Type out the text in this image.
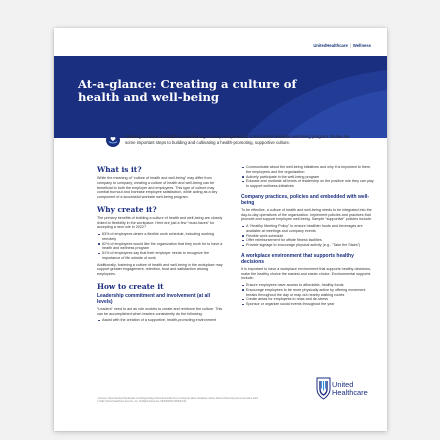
UnitedHealthcare | Wellness
At-a-glance: Creating a culture of health and well-being

Creating a culture of health and well-being is a key component of a successful worksite well-being program. Below are some important steps to building and cultivating a health-promoting, supportive culture.

What is it?

While the meaning of “culture of health and well-being” may differ from company to company, creating a culture of health and well-being can be beneficial to both the employer and employees. This type of culture may combat burnout and increase employee satisfaction, while acting as a key component of a successful worksite well-being program.

Why create it?

The primary benefits of building a culture of health and well-being are closely linked to flexibility in the workplace. Here are just a few “must-haves” for accepting a new role in 2022:¹

63% of employees desire a flexible work schedule, including working remotely
62% of employees would like the organization that they work for to have a health and wellness program
51% of employees say that their employer needs to recognize the importance of life outside of work

Additionally, fostering a culture of health and well-being in the workplace may support greater engagement, retention, trust and satisfaction among employees.

How to create it
Leadership commitment and involvement (at all levels)

“Leaders” need to act as role models to create and reinforce the culture. This can be accomplished when leaders consistently do the following:

Assist with the creation of a supportive, health-promoting environment
Communicate about the well-being initiatives and why it is important to them, the employees and the organization
Actively participate in the well-being program
Educate and motivate all levels of leadership on the positive role they can play to support wellness initiatives
Company practices, policies and embedded with well-being

To be effective, a culture of health and well-being needs to be integrated into the day-to-day operations of the organization. Implement policies and practices that promote and support employee well-being. Sample “supportive” policies include:

A “Healthy Meeting Policy” to ensure healthier foods and beverages are available at meetings and company events
Flexible work schedule
Offer reimbursement for offsite fitness facilities
Provide signage to encourage physical activity (e.g., “Take the Stairs”)
A workplace environment that supports healthy decisions

It is important to have a workplace environment that supports healthy decisions, make the healthy choice the easiest and easier choice. Environmental supports include:

Ensure employees have access to affordable, healthy foods
Encourage employees to be more physically active by offering movement breaks throughout the day or map out nearby walking routes
Create areas for employees to relax and de-stress
Sponsor or organize social events throughout the year
¹ Sources: https://www.joinhandshake.com/blog/employers/trends-benefits-for-recruiting-top-talent-workplace-culture-factors-influencing-career-decisions-2022
© 2022 United HealthCare Services, Inc. All Rights Reserved. WF0000000 000000 0/22
United
Healthcare
